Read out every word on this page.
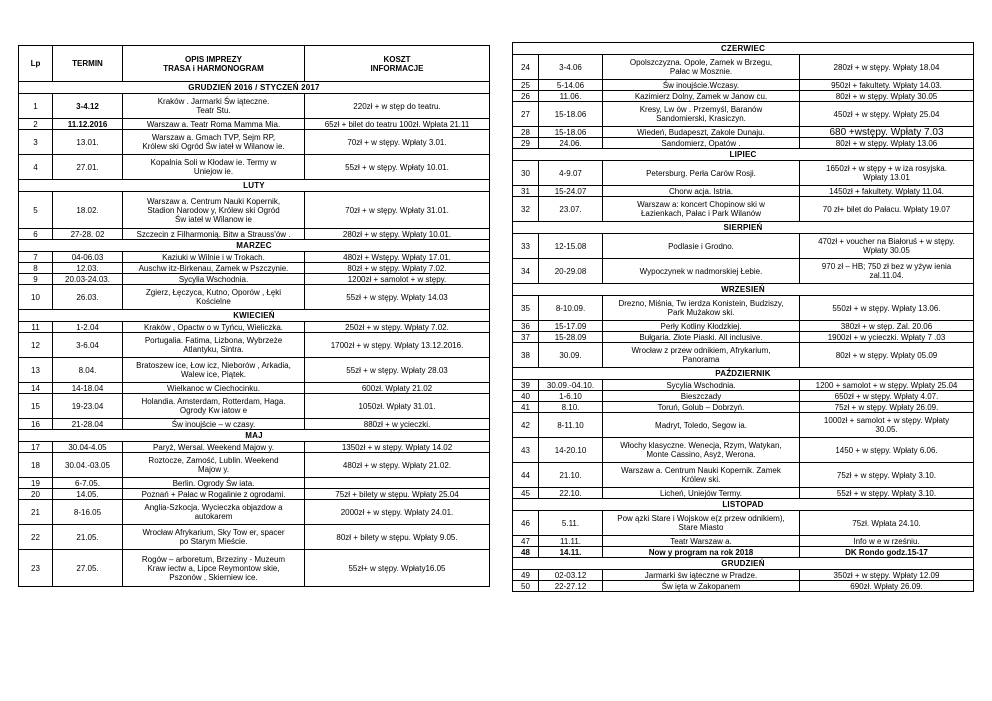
Lp	TERMIN	OPIS IMPREZY
TRASA i HARMONOGRAM	KOSZT
INFORMACJE
GRUDZIEŃ 2016 / STYCZEŃ 2017			
1	3-4.12	Kraków . Jarmarki Św iąteczne.
Teatr Stu.	220zł + w stęp do teatru.
2	11.12.2016	Warszaw a. Teatr Roma Mamma Mia.	65zł + bilet do teatru 100zł. Wpłata 21.11
3	13.01.	Warszaw a. Gmach TVP, Sejm RP,
Królew ski Ogród Św iateł w Wilanow ie.	70zł + w stępy. Wpłaty 3.01.
4	27.01.	Kopalnia Soli w Kłodaw ie. Termy w
Uniejow ie.	55zł + w stępy. Wpłaty 10.01.
LUTY			
5	18.02.	Warszaw a. Centrum Nauki Kopernik,
Stadion Narodow y, Królew ski Ogród
Św iateł w Wilanow ie	70zł + w stępy. Wpłaty 31.01.
6	27-28. 02	Szczecin z Filharmonią. Bitw a Strauss'ów .	280zł + w stępy. Wpłaty 10.01.
MARZEC			
7	04-06.03	Kaziuki w Wilnie i w Trokach.	480zł + Wstępy. Wpłaty 17.01.
8	12.03.	Auschw itz-Birkenau, Zamek w Pszczynie.	80zł + w stępy. Wpłaty 7.02.
9	20.03-24.03.	Sycylia Wschodnia.	1200zł + samolot + w stępy.
10	26.03.	Zgierz, Łęczyca, Kutno, Oporów , Łęki
Kościelne	55zł + w stępy. Wpłaty 14.03
KWIECIEŃ			
11	1-2.04	Kraków , Opactw o w Tyńcu, Wieliczka.	250zł + w stępy. Wpłaty 7.02.
12	3-6.04	Portugalia. Fatima, Lizbona, Wybrzeże
Atlantyku, Sintra.	1700zł + w stępy. Wpłaty 13.12.2016.
13	8.04.	Bratoszew ice, Łow icz, Nieborów , Arkadia,
Walew ice, Piątek.	55zł + w stępy. Wpłaty 28.03
14	14-18.04	Wielkanoc w Ciechocinku.	600zł. Wpłaty 21.02
15	19-23.04	Holandia. Amsterdam, Rotterdam, Haga.
Ogrody Kw iatow e	1050zł. Wpłaty 31.01.
16	21-28.04	Św inoujście – w czasy.	880zł + w ycieczki.
MAJ			
17	30.04-4.05	Paryż, Wersal. Weekend Majow y.	1350zł + w stępy. Wpłaty 14.02
18	30.04.-03.05	Roztocze, Zamość, Lublin. Weekend
Majow y.	480zł + w stępy. Wpłaty 21.02.
19	6-7.05.	Berlin. Ogrody Św iata.	
20	14.05.	Poznań + Pałac w Rogalinie z ogrodami.	75zł + bilety w stępu. Wpłaty 25.04
21	8-16.05	Anglia-Szkocja. Wycieczka objazdow a
autokarem	2000zł + w stępy. Wpłaty 24.01.
22	21.05.	Wrocław Afrykarium, Sky Tow er, spacer
po Starym Mieście.	80zł + bilety w stępu. Wpłaty 9.05.
23	27.05.	Rogów – arboretum, Brzeziny - Muzeum
Kraw iectw a, Lipce Reymontow skie,
Pszonów , Skierniew ice.	55zł+ w stępy. Wpłaty16.05
CZERWIEC			
24	3-4.06	Opolszczyzna. Opole, Zamek w Brzegu,
Pałac w Mosznie.	280zł + w stępy. Wpłaty 18.04
25	5-14.06	Św inoujście.Wczasy.	950zł + fakultety. Wpłaty 14.03.
26	11.06.	Kazimierz Dolny, Zamek w Janow cu.	80zł + w stępy. Wpłaty 30.05
27	15-18.06	Kresy, Lw ów . Przemyśl, Baranów
Sandomierski, Krasiczyn.	450zł + w stępy. Wpłaty 25.04
28	15-18.06	Wiedeń, Budapeszt, Zakole Dunaju.	680 +wstępy. Wpłaty 7.03
29	24.06.	Sandomierz, Opatów .	80zł + w stępy. Wpłaty 13.06
LIPIEC			
30	4-9.07	Petersburg. Perła Carów Rosji.	1650zł + w stępy + w iza rosyjska.
Wpłaty 13.01
31	15-24.07	Chorw acja. Istria.	1450zł + fakultety. Wpłaty 11.04.
32	23.07.	Warszaw a: koncert Chopinow ski w
Łazienkach, Pałac i Park Wilanów	70 zł+ bilet do Pałacu. Wpłaty 19.07
SIERPIEŃ			
33	12-15.08	Podlasie i Grodno.	470zł + voucher na Białoruś + w stępy.
Wpłaty 30.05
34	20-29.08	Wypoczynek w nadmorskiej Łebie.	970 zł – HB; 750 zł bez w yżyw ienia
zal.11.04.
WRZESIEŃ			
35	8-10.09.	Drezno, Miśnia, Tw ierdza Konistein, Budziszy,
Park Mużakow ski.	550zł + w stępy. Wpłaty 13.06.
36	15-17.09	Perły Kotliny Kłodzkiej.	380zł + w stęp. Zal. 20.06
37	15-28.09	Bułgaria. Złote Piaski. All inclusive.	1900zł + w ycieczki. Wpłaty 7 .03
38	30.09.	Wrocław z przew odnikiem, Afrykarium,
Panorama	80zł + w stępy. Wpłaty 05.09
PAŹDZIERNIK			
39	30.09.-04.10.	Sycylia Wschodnia.	1200 + samolot + w stępy. Wpłaty 25.04
40	1-6.10	Bieszczady	650zł + w stępy. Wpłaty 4.07.
41	8.10.	Toruń, Golub – Dobrzyń.	75zł + w stępy. Wpłaty 26.09.
42	8-11.10	Madryt, Toledo, Segow ia.	1000zł + samolot + w stępy. Wpłaty
30.05.
43	14-20.10	Włochy klasyczne. Wenecja, Rzym, Watykan,
Monte Cassino, Asyż, Werona.	1450 + w stępy. Wpłaty 6.06.
44	21.10.	Warszaw a. Centrum Nauki Kopernik. Zamek
Królew ski.	75zł + w stępy. Wpłaty 3.10.
45	22.10.	Licheń, Uniejów Termy.	55zł + w stępy. Wpłaty 3.10.
LISTOPAD			
46	5.11.	Pow ązki Stare i Wojskow e(z przew odnikiem),
Stare Miasto	75zł. Wpłata 24.10.
47	11.11.	Teatr Warszaw a.	Info w e w rześniu.
48	14.11.	Now y program na rok 2018	DK Rondo godz.15-17
GRUDZIEŃ			
49	02-03.12	Jarmarki św iąteczne w Pradze.	350zł + w stępy. Wpłaty 12.09
50	22-27.12	Św ięta w Zakopanem	690zł. Wpłaty 26.09.
